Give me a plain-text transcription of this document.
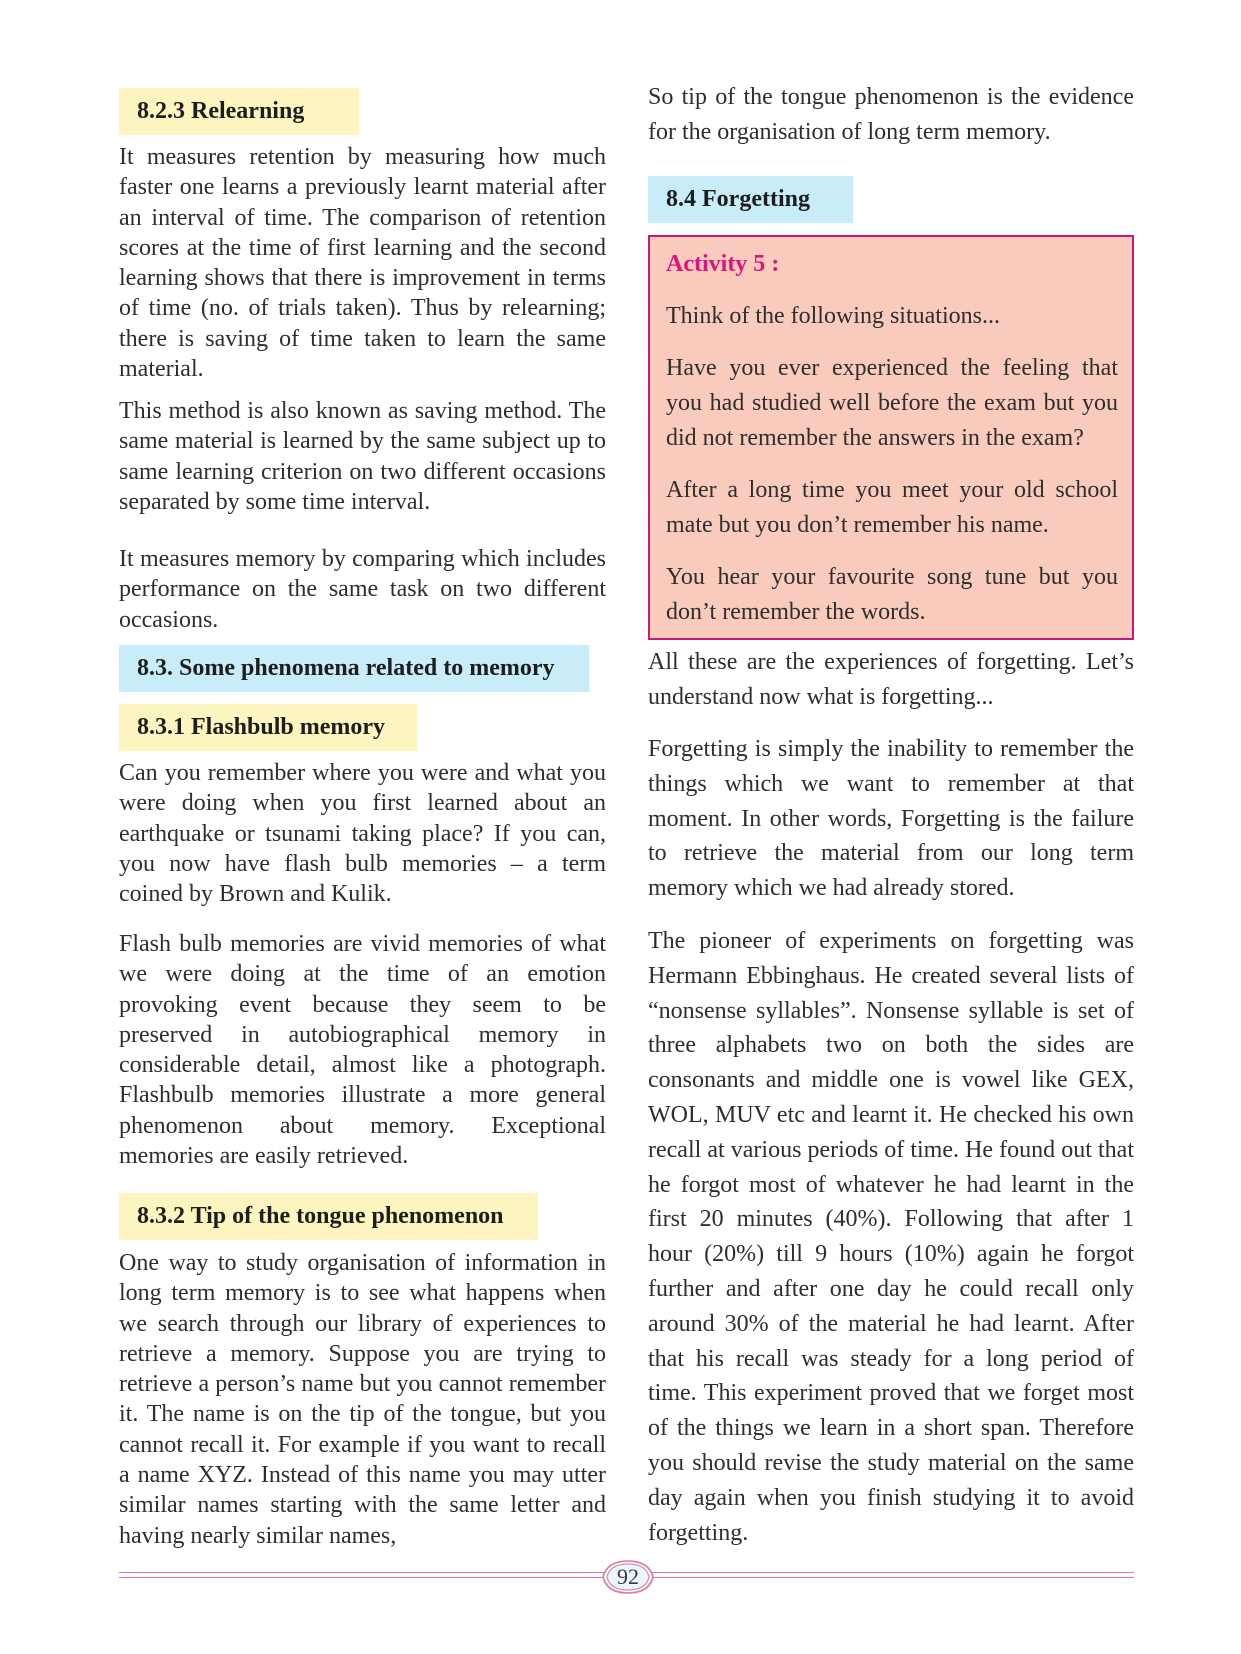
8.2.3 Relearning

It measures retention by measuring how much faster one learns a previously learnt material after an interval of time. The comparison of retention scores at the time of first learning and the second learning shows that there is improvement in terms of time (no. of trials taken). Thus by relearning; there is saving of time taken to learn the same material.

This method is also known as saving method. The same material is learned by the same subject up to same learning criterion on two different occasions separated by some time interval.

It measures memory by comparing which includes performance on the same task on two different occasions.

8.3. Some phenomena related to memory
8.3.1 Flashbulb memory

Can you remember where you were and what you were doing when you first learned about an earthquake or tsunami taking place? If you can, you now have flash bulb memories – a term coined by Brown and Kulik.

Flash bulb memories are vivid memories of what we were doing at the time of an emotion provoking event because they seem to be preserved in autobiographical memory in considerable detail, almost like a photograph. Flashbulb memories illustrate a more general phenomenon about memory. Exceptional memories are easily retrieved.

8.3.2 Tip of the tongue phenomenon

One way to study organisation of information in long term memory is to see what happens when we search through our library of experiences to retrieve a memory. Suppose you are trying to retrieve a person’s name but you cannot remember it. The name is on the tip of the tongue, but you cannot recall it. For example if you want to recall a name XYZ. Instead of this name you may utter similar names starting with the same letter and having nearly similar names,

So tip of the tongue phenomenon is the evidence for the organisation of long term memory.

8.4 Forgetting
Activity 5 :

Think of the following situations...

Have you ever experienced the feeling that you had studied well before the exam but you did not remember the answers in the exam?

After a long time you meet your old school mate but you don’t remember his name.

You hear your favourite song tune but you don’t remember the words.

All these are the experiences of forgetting. Let’s understand now what is forgetting...

Forgetting is simply the inability to remember the things which we want to remember at that moment. In other words, Forgetting is the failure to retrieve the material from our long term memory which we had already stored.

The pioneer of experiments on forgetting was Hermann Ebbinghaus. He created several lists of “nonsense syllables”. Nonsense syllable is set of three alphabets two on both the sides are consonants and middle one is vowel like GEX, WOL, MUV etc and learnt it. He checked his own recall at various periods of time. He found out that he forgot most of whatever he had learnt in the first 20 minutes (40%). Following that after 1 hour (20%) till 9 hours (10%) again he forgot further and after one day he could recall only around 30% of the material he had learnt. After that his recall was steady for a long period of time. This experiment proved that we forget most of the things we learn in a short span. Therefore you should revise the study material on the same day again when you finish studying it to avoid forgetting.

92
